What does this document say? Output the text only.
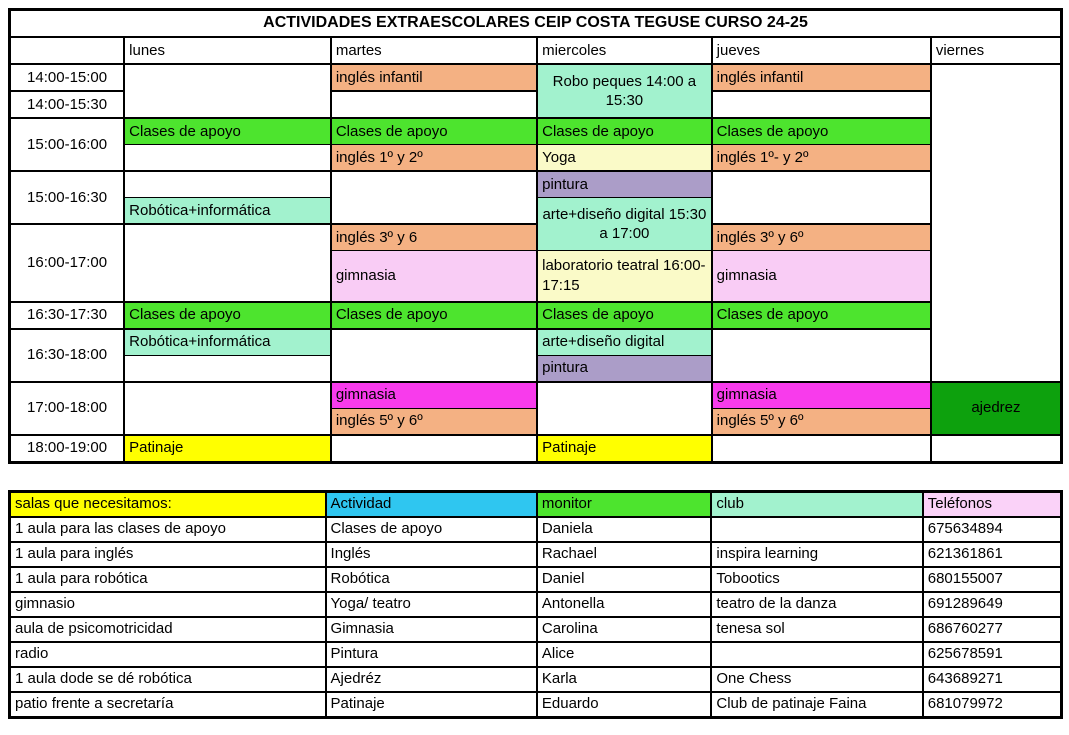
ACTIVIDADES EXTRAESCOLARES CEIP COSTA TEGUSE CURSO 24-25					
	lunes	martes	miercoles	jueves	viernes
14:00-15:00		inglés infantil	Robo peques 14:00 a 15:30	inglés infantil	
14:00-15:30					
15:00-16:00	Clases de apoyo	Clases de apoyo	Clases de apoyo	Clases de apoyo	
		inglés 1º y 2º	Yoga	inglés 1º- y 2º	
15:00-16:30			pintura		
	Robótica+informática		arte+diseño digital 15:30 a 17:00		
16:00-17:00		inglés 3º y 6		inglés 3º y 6º	
		gimnasia	laboratorio teatral 16:00-17:15	gimnasia	
16:30-17:30	Clases de apoyo	Clases de apoyo	Clases de apoyo	Clases de apoyo	
16:30-18:00	Robótica+informática		arte+diseño digital		
			pintura		
17:00-18:00		gimnasia		gimnasia	ajedrez
		inglés 5º y 6º		inglés 5º y 6º	
18:00-19:00	Patinaje		Patinaje		
salas que necesitamos:	Actividad	monitor	club	Teléfonos
1 aula para las clases de apoyo	Clases de apoyo	Daniela		675634894
1 aula para inglés	Inglés	Rachael	inspira learning	621361861
1 aula para robótica	Robótica	Daniel	Tobootics	680155007
gimnasio	Yoga/ teatro	Antonella	teatro de la danza	691289649
aula de psicomotricidad	Gimnasia	Carolina	tenesa sol	686760277
radio	Pintura	Alice		625678591
1 aula dode se dé robótica	Ajedréz	Karla	One Chess	643689271
patio frente a secretaría	Patinaje	Eduardo	Club de patinaje Faina	681079972
